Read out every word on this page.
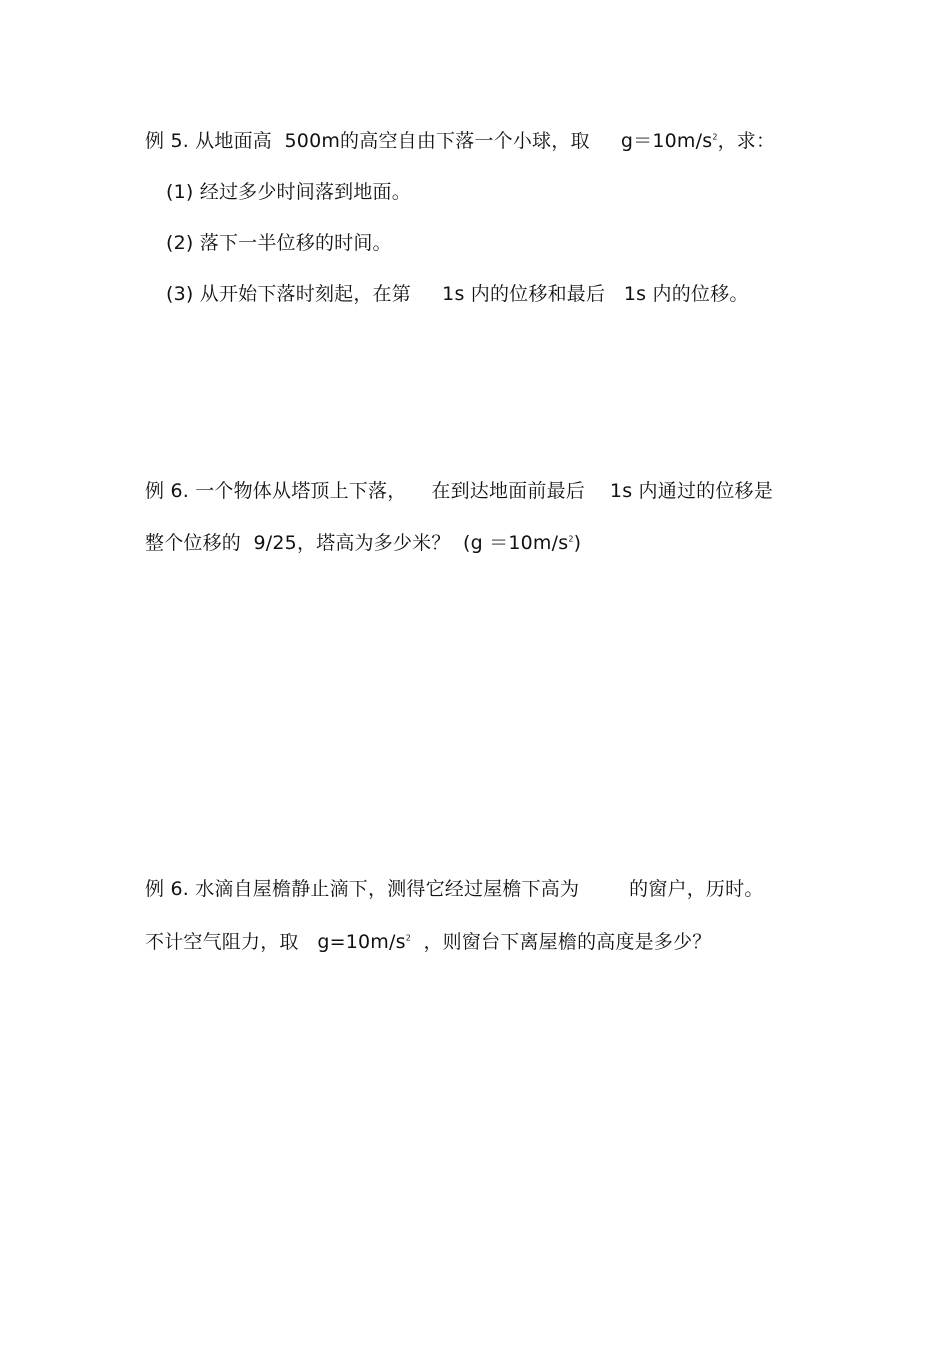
例 5. 从地面高  500m的高空自由下落一个小球，取     $g=10m/s^2$，求：
(1) 经过多少时间落到地面。
(2) 落下一半位移的时间。
(3) 从开始下落时刻起，在第     1s 内的位移和最后   1s 内的位移。
例 6. 一个物体从塔顶上下落，    在到达地面前最后    1s 内通过的位移是
整个位移的  9/25，塔高为多少米？  $(g =10m/s^2)$
例 6. 水滴自屋檐静止滴下，测得它经过屋檐下高为        的窗户，历时。
不计空气阻力，取   $g=10m/s^2$  ，则窗台下离屋檐的高度是多少？
